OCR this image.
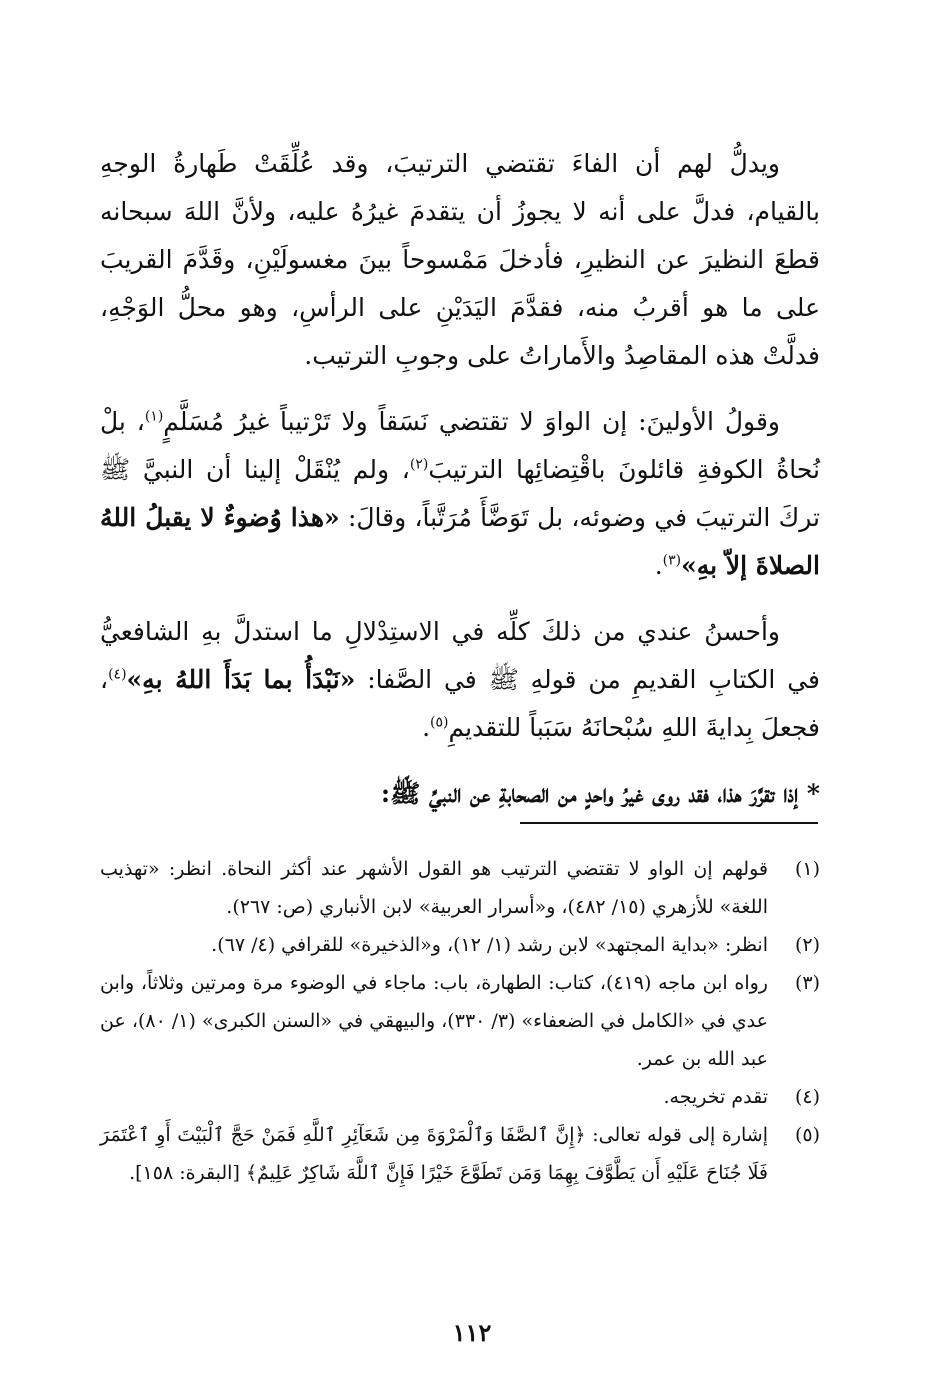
ويدلُّ لهم أن الفاءَ تقتضي الترتيبَ، وقد عُلِّقَتْ طَهارةُ الوجهِ بالقيام، فدلَّ على أنه لا يجوزُ أن يتقدمَ غيرُهُ عليه، ولأنَّ اللهَ سبحانه قطعَ النظيرَ عن النظيرِ، فأدخلَ مَمْسوحاً بينَ مغسولَيْنِ، وقَدَّمَ القريبَ على ما هو أقربُ منه، فقدَّمَ اليَدَيْنِ على الرأسِ، وهو محلُّ الوَجْهِ، فدلَّتْ هذه المقاصِدُ والأَماراتُ على وجوبِ الترتيب.

وقولُ الأولينَ: إن الواوَ لا تقتضي نَسَقاً ولا تَرْتيباً غيرُ مُسَلَّمٍ$^{(١)}$، بلْ نُحاةُ الكوفةِ قائلونَ باقْتِضائِها الترتيبَ$^{(٢)}$، ولم يُنْقَلْ إلينا أن النبيَّ ﷺ تركَ الترتيبَ في وضوئه، بل تَوَضَّأَ مُرَتَّباً، وقالَ: «هذا وُضوءٌ لا يقبلُ اللهُ الصلاةَ إلاّ بهِ»$^{(٣)}$.

وأحسنُ عندي من ذلكَ كلِّه في الاستِدْلالِ ما استدلَّ بهِ الشافعيُّ في الكتابِ القديمِ من قولهِ ﷺ في الصَّفا: «نَبْدَأُ بما بَدَأَ اللهُ بهِ»$^{(٤)}$، فجعلَ بِدايةَ اللهِ سُبْحانَهُ سَبَباً للتقديمِ$^{(٥)}$.

* إذا تقرَّرَ هذا، فقد روى غيرُ واحدٍ من الصحابةِ عن النبيِّ ﷺ:

(١)
قولهم إن الواو لا تقتضي الترتيب هو القول الأشهر عند أكثر النحاة. انظر: «تهذيب اللغة» للأزهري (١٥/ ٤٨٢)، و«أسرار العربية» لابن الأنباري (ص: ٢٦٧).
(٢)
انظر: «بداية المجتهد» لابن رشد (١/ ١٢)، و«الذخيرة» للقرافي (٤/ ٦٧).
(٣)
رواه ابن ماجه (٤١٩)، كتاب: الطهارة، باب: ماجاء في الوضوء مرة ومرتين وثلاثاً، وابن عدي في «الكامل في الضعفاء» (٣/ ٣٣٠)، والبيهقي في «السنن الكبرى» (١/ ٨٠)، عن عبد الله بن عمر.
(٤)
تقدم تخريجه.
(٥)
إشارة إلى قوله تعالى: ﴿إِنَّ ٱلصَّفَا وَٱلْمَرْوَةَ مِن شَعَآئِرِ ٱللَّهِ فَمَنْ حَجَّ ٱلْبَيْتَ أَوِ ٱعْتَمَرَ فَلَا جُنَاحَ عَلَيْهِ أَن يَطَّوَّفَ بِهِمَا وَمَن تَطَوَّعَ خَيْرًا فَإِنَّ ٱللَّهَ شَاكِرٌ عَلِيمٌ﴾ [البقرة: ١٥٨].
١١٢
